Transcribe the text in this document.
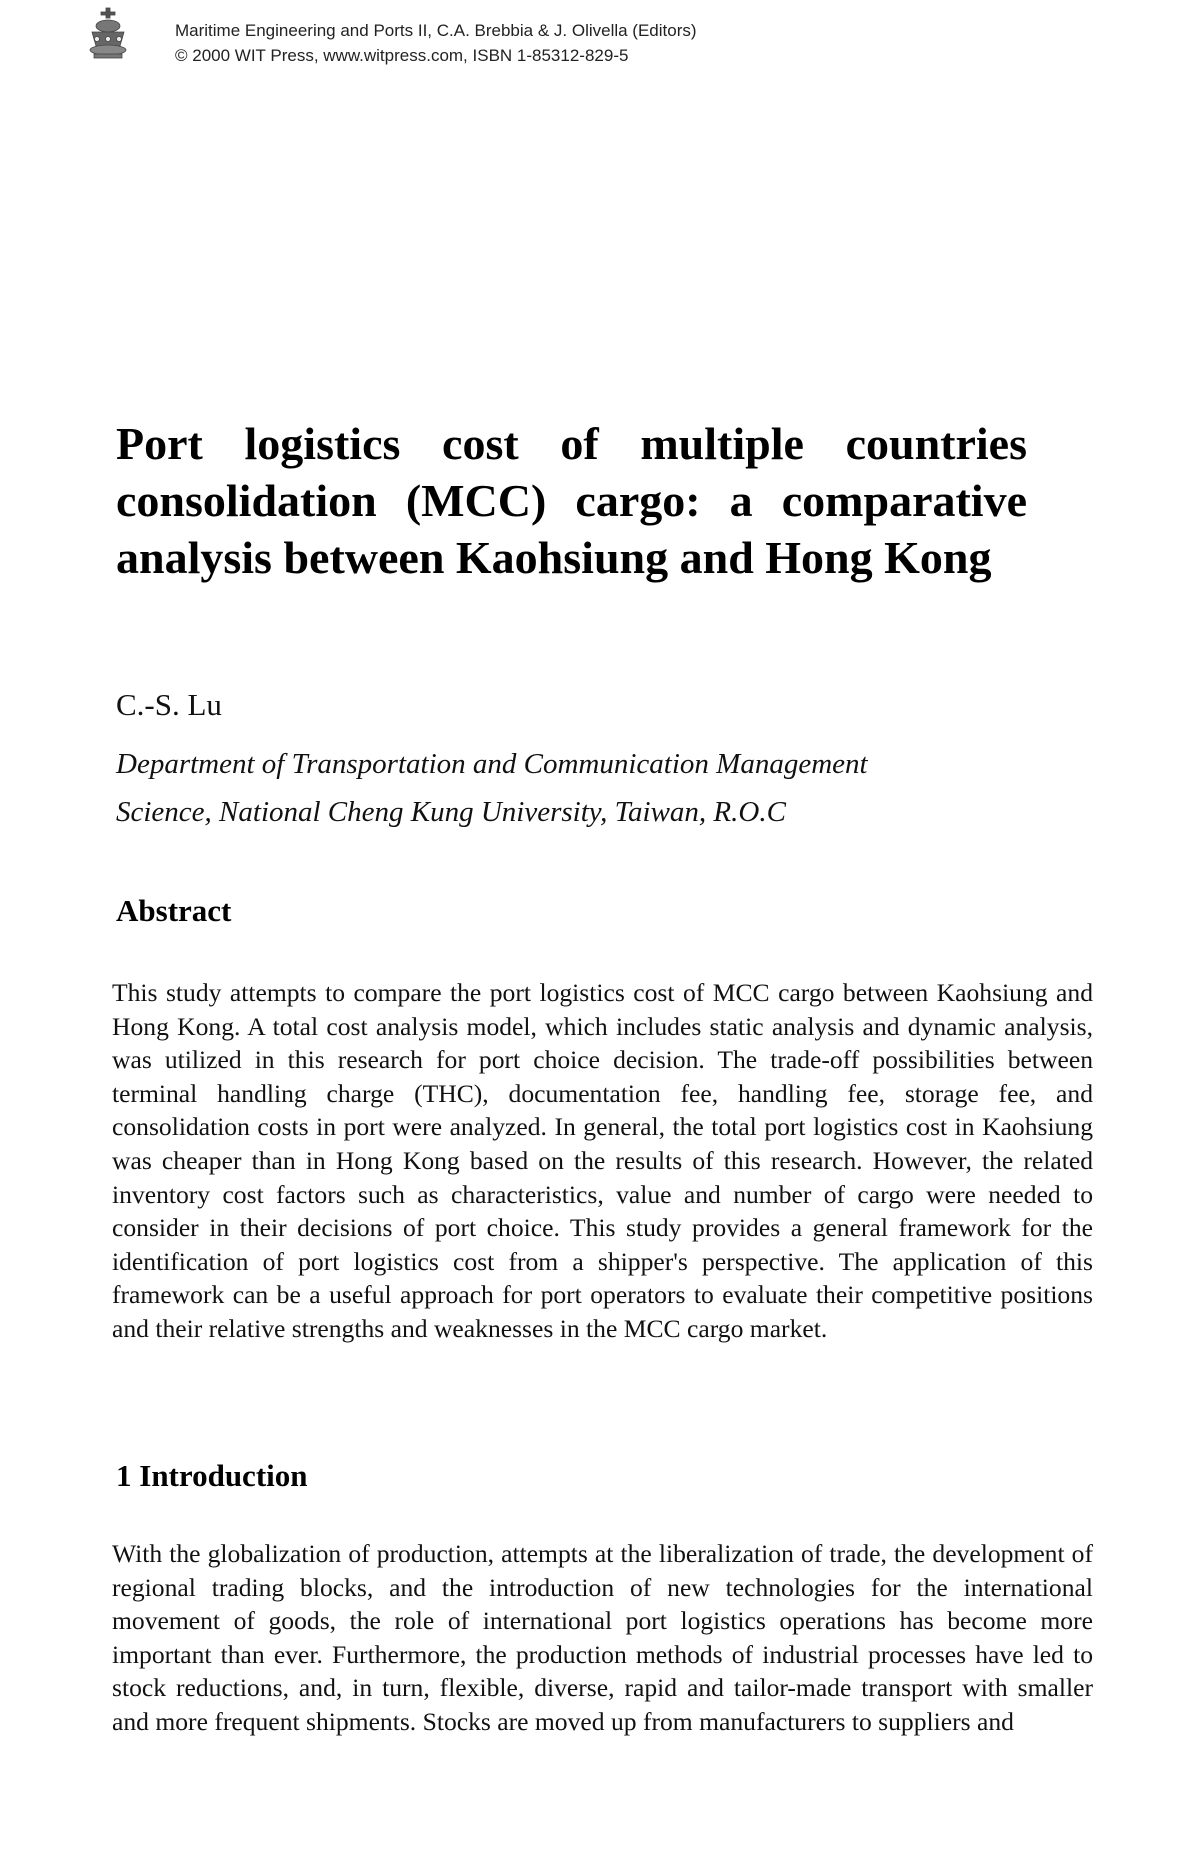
Maritime Engineering and Ports II, C.A. Brebbia & J. Olivella (Editors)
© 2000 WIT Press, www.witpress.com, ISBN 1-85312-829-5
Port logistics cost of multiple countries consolidation (MCC) cargo: a comparative analysis between Kaohsiung and Hong Kong

C.-S. Lu

Department of Transportation and Communication Management
Science, National Cheng Kung University, Taiwan, R.O.C

Abstract

This study attempts to compare the port logistics cost of MCC cargo between Kaohsiung and Hong Kong. A total cost analysis model, which includes static analysis and dynamic analysis, was utilized in this research for port choice decision. The trade-off possibilities between terminal handling charge (THC), documentation fee, handling fee, storage fee, and consolidation costs in port were analyzed. In general, the total port logistics cost in Kaohsiung was cheaper than in Hong Kong based on the results of this research. However, the related inventory cost factors such as characteristics, value and number of cargo were needed to consider in their decisions of port choice. This study provides a general framework for the identification of port logistics cost from a shipper's perspective. The application of this framework can be a useful approach for port operators to evaluate their competitive positions and their relative strengths and weaknesses in the MCC cargo market.

1 Introduction

With the globalization of production, attempts at the liberalization of trade, the development of regional trading blocks, and the introduction of new technologies for the international movement of goods, the role of international port logistics operations has become more important than ever. Furthermore, the production methods of industrial processes have led to stock reductions, and, in turn, flexible, diverse, rapid and tailor-made transport with smaller and more frequent shipments. Stocks are moved up from manufacturers to suppliers and
